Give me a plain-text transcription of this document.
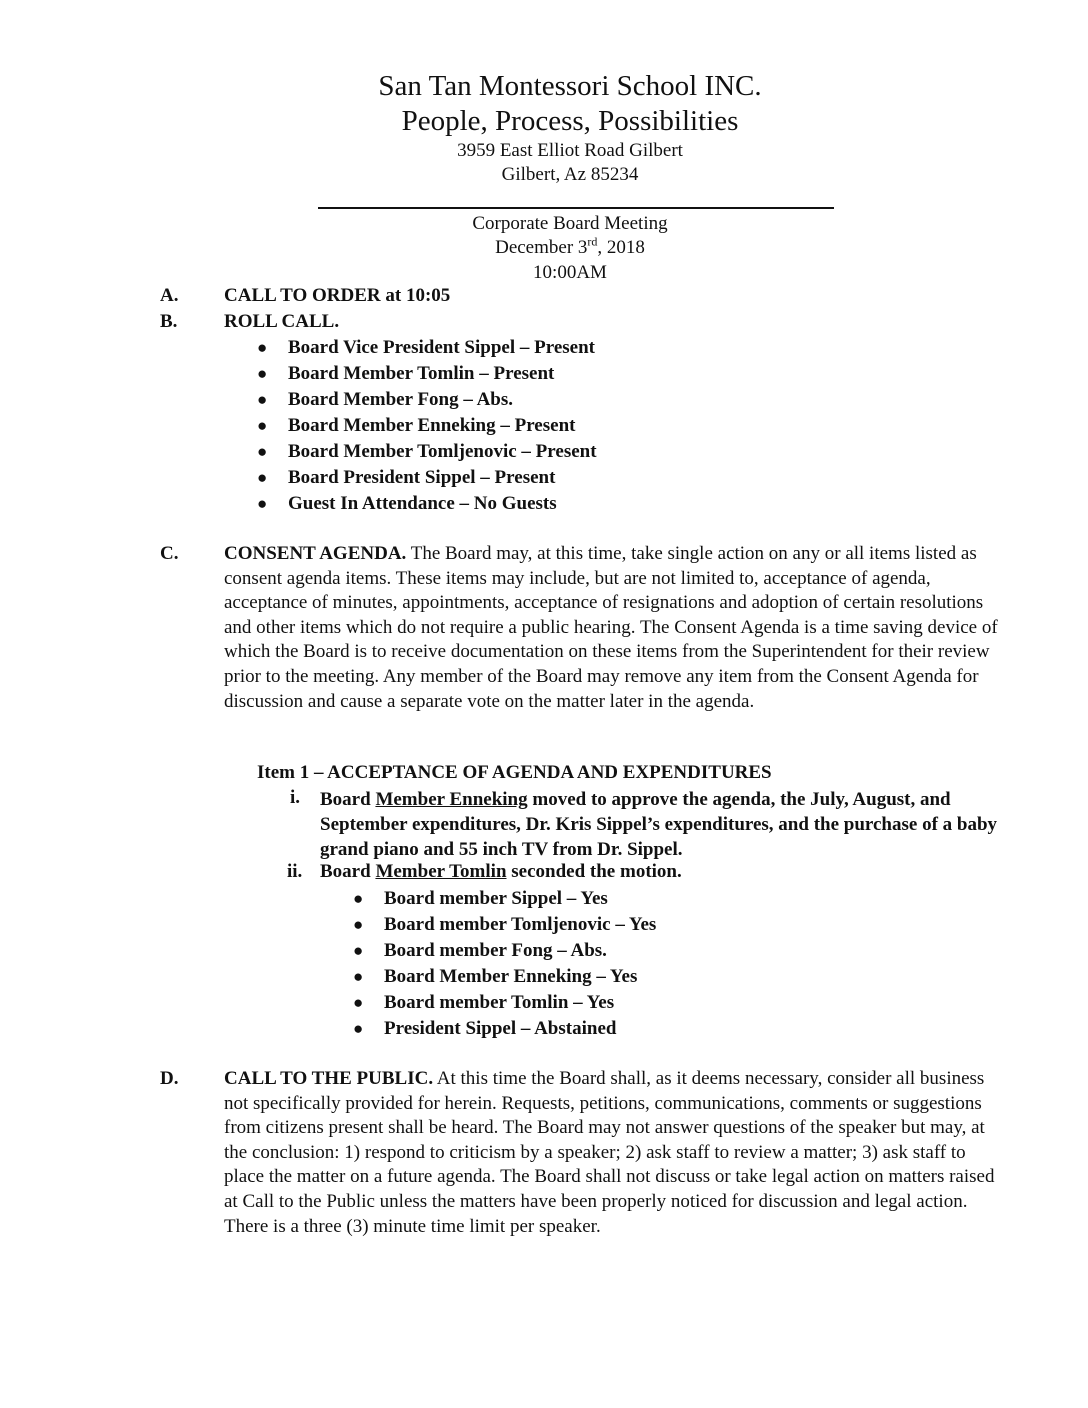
San Tan Montessori School INC.
People, Process, Possibilities
3959 East Elliot Road Gilbert
Gilbert, Az 85234
Corporate Board Meeting
December 3rd, 2018
10:00AM
A. CALL TO ORDER at 10:05
B. ROLL CALL.
● Board Vice President Sippel – Present
● Board Member Tomlin – Present
● Board Member Fong – Abs.
● Board Member Enneking – Present
● Board Member Tomljenovic – Present
● Board President Sippel – Present
● Guest In Attendance – No Guests
C. CONSENT AGENDA. The Board may, at this time, take single action on any or all items listed as consent agenda items. These items may include, but are not limited to, acceptance of agenda, acceptance of minutes, appointments, acceptance of resignations and adoption of certain resolutions and other items which do not require a public hearing. The Consent Agenda is a time saving device of which the Board is to receive documentation on these items from the Superintendent for their review prior to the meeting. Any member of the Board may remove any item from the Consent Agenda for discussion and cause a separate vote on the matter later in the agenda.
Item 1 – ACCEPTANCE OF AGENDA AND EXPENDITURES
i. Board Member Enneking moved to approve the agenda, the July, August, and September expenditures, Dr. Kris Sippel’s expenditures, and the purchase of a baby grand piano and 55 inch TV from Dr. Sippel.
ii. Board Member Tomlin seconded the motion.
● Board member Sippel – Yes
● Board member Tomljenovic – Yes
● Board member Fong – Abs.
● Board Member Enneking – Yes
● Board member Tomlin – Yes
● President Sippel – Abstained
D. CALL TO THE PUBLIC. At this time the Board shall, as it deems necessary, consider all business not specifically provided for herein. Requests, petitions, communications, comments or suggestions from citizens present shall be heard. The Board may not answer questions of the speaker but may, at the conclusion: 1) respond to criticism by a speaker; 2) ask staff to review a matter; 3) ask staff to place the matter on a future agenda. The Board shall not discuss or take legal action on matters raised at Call to the Public unless the matters have been properly noticed for discussion and legal action. There is a three (3) minute time limit per speaker.
